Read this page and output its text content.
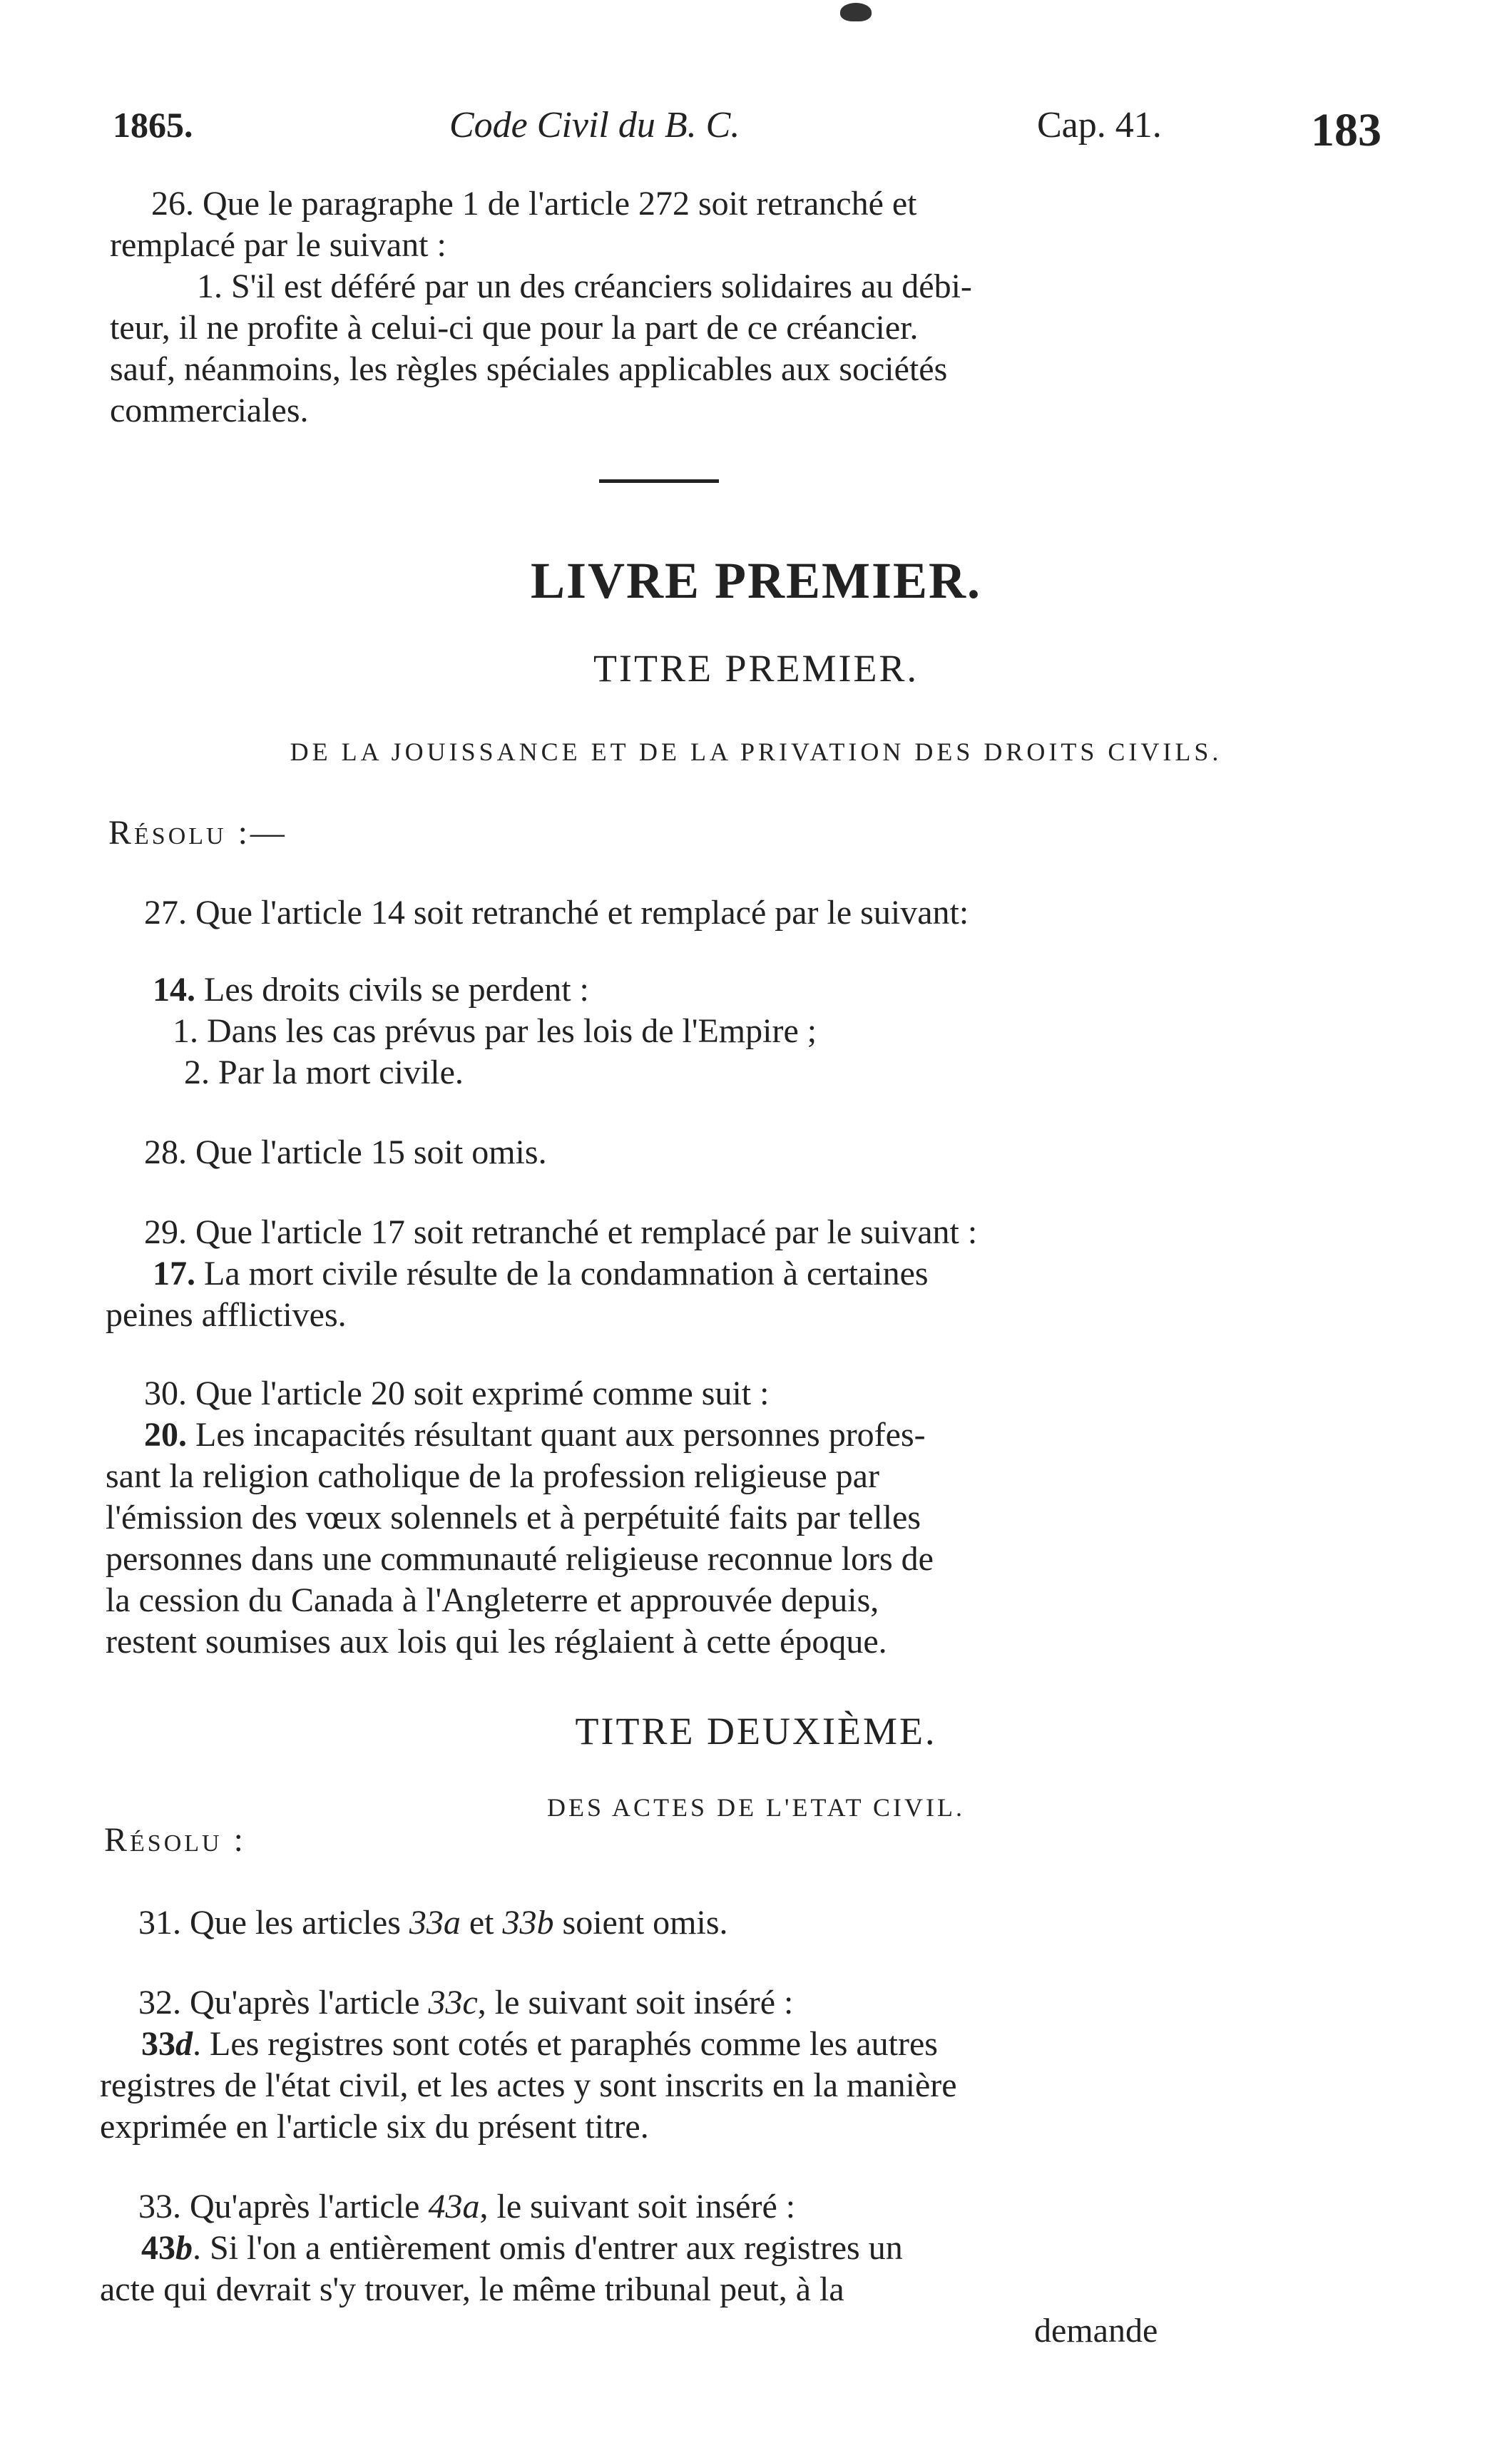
1865.	Code Civil du B. C.	Cap. 41.	183
26. Que le paragraphe 1 de l'article 272 soit retranché et
remplacé par le suivant :
1. S'il est déféré par un des créanciers solidaires au débi-
teur, il ne profite à celui-ci que pour la part de ce créancier.
sauf, néanmoins, les règles spéciales applicables aux sociétés
commerciales.
LIVRE PREMIER.
TITRE PREMIER.
DE LA JOUISSANCE ET DE LA PRIVATION DES DROITS CIVILS.
Résolu :—
27. Que l'article 14 soit retranché et remplacé par le suivant:
14. Les droits civils se perdent :
1. Dans les cas prévus par les lois de l'Empire ;
2. Par la mort civile.
28. Que l'article 15 soit omis.
29. Que l'article 17 soit retranché et remplacé par le suivant :
17. La mort civile résulte de la condamnation à certaines
peines afflictives.
30. Que l'article 20 soit exprimé comme suit :
20. Les incapacités résultant quant aux personnes profes-
sant la religion catholique de la profession religieuse par
l'émission des vœux solennels et à perpétuité faits par telles
personnes dans une communauté religieuse reconnue lors de
la cession du Canada à l'Angleterre et approuvée depuis,
restent soumises aux lois qui les réglaient à cette époque.
TITRE DEUXIÈME.
DES ACTES DE L'ETAT CIVIL.
Résolu :
31. Que les articles 33a et 33b soient omis.
32. Qu'après l'article 33c, le suivant soit inséré :
33d. Les registres sont cotés et paraphés comme les autres
registres de l'état civil, et les actes y sont inscrits en la manière
exprimée en l'article six du présent titre.
33. Qu'après l'article 43a, le suivant soit inséré :
43b. Si l'on a entièrement omis d'entrer aux registres un
acte qui devrait s'y trouver, le même tribunal peut, à la
demande
